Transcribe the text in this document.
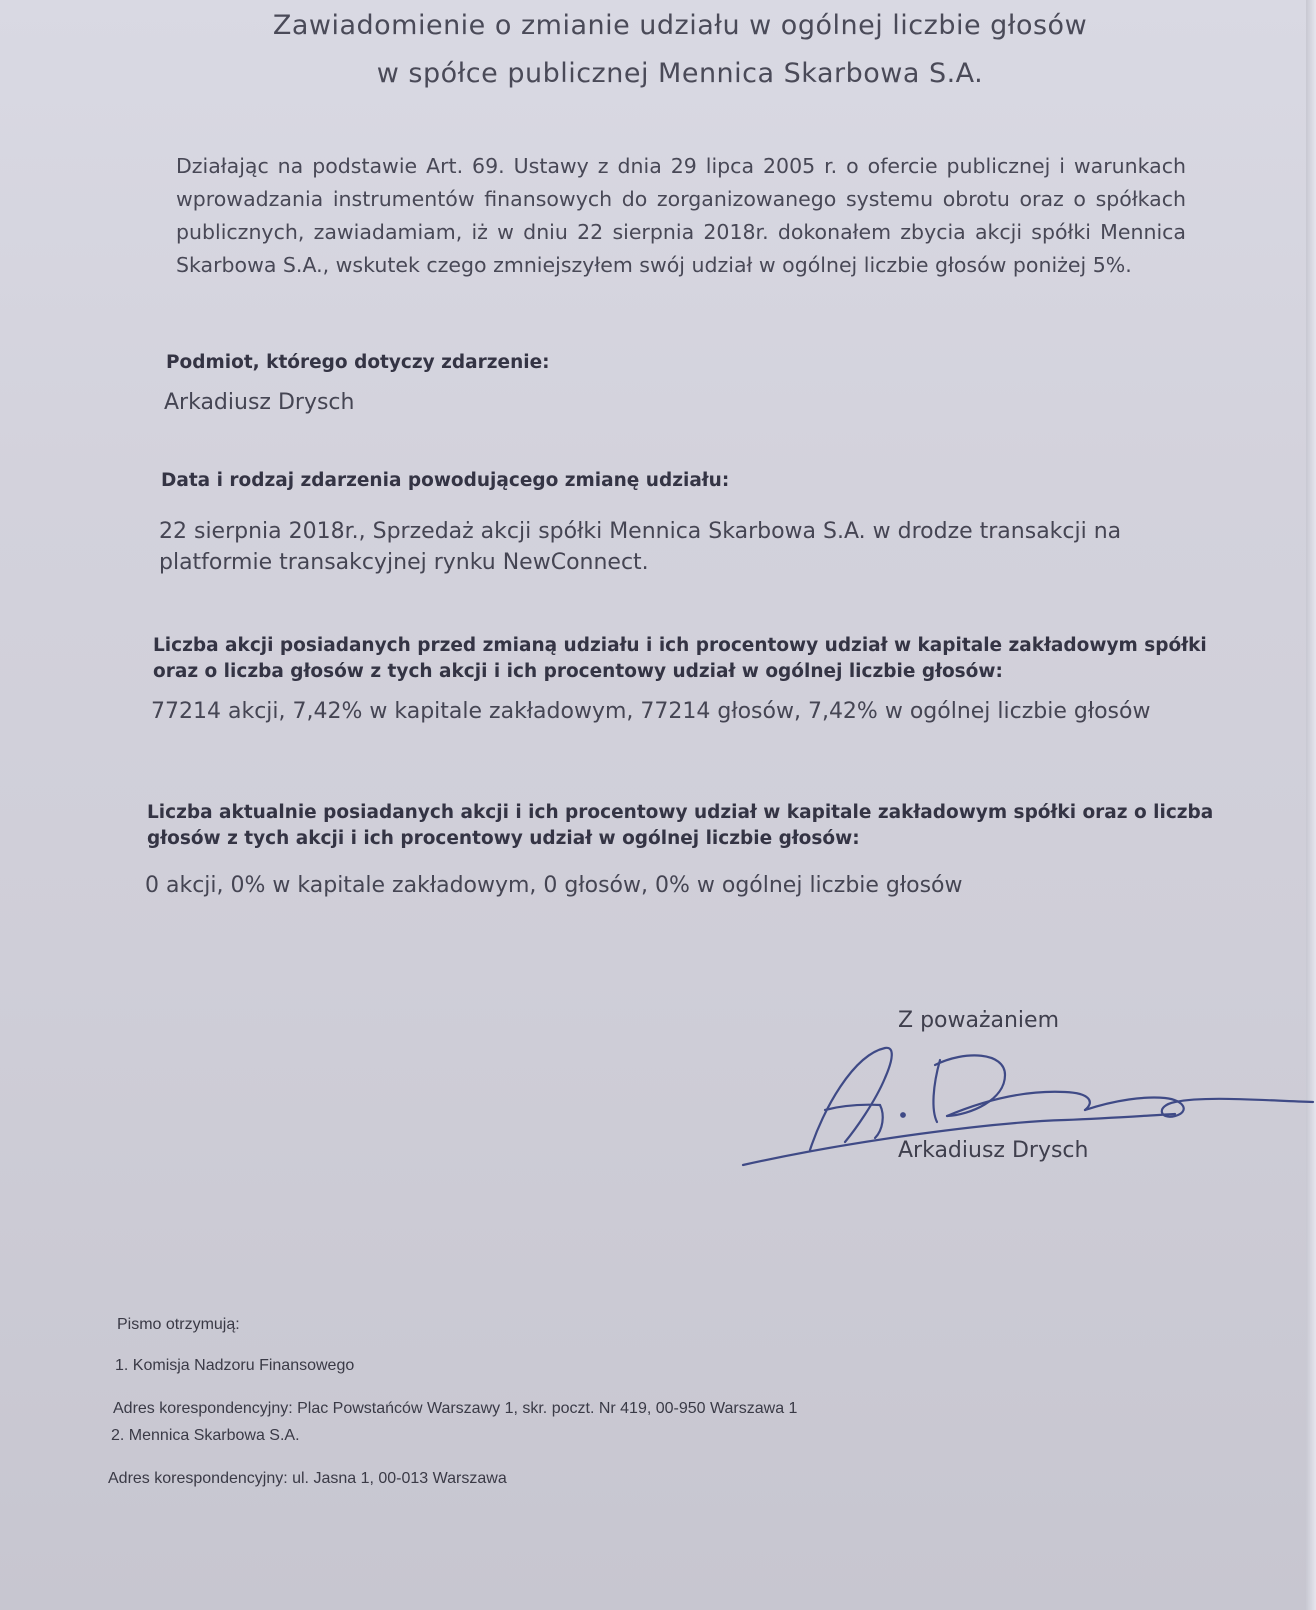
Zawiadomienie o zmianie udziału w ogólnej liczbie głosów
w spółce publicznej Mennica Skarbowa S.A.
Działając na podstawie Art. 69. Ustawy z dnia 29 lipca 2005 r. o ofercie publicznej i warunkach wprowadzania instrumentów finansowych do zorganizowanego systemu obrotu oraz o spółkach publicznych, zawiadamiam, iż w dniu 22 sierpnia 2018r. dokonałem zbycia akcji spółki Mennica Skarbowa S.A., wskutek czego zmniejszyłem swój udział w ogólnej liczbie głosów poniżej 5%.
Podmiot, którego dotyczy zdarzenie:
Arkadiusz Drysch
Data i rodzaj zdarzenia powodującego zmianę udziału:
22 sierpnia 2018r., Sprzedaż akcji spółki Mennica Skarbowa S.A. w drodze transakcji na platformie transakcyjnej rynku NewConnect.
Liczba akcji posiadanych przed zmianą udziału i ich procentowy udział w kapitale zakładowym spółki oraz o liczba głosów z tych akcji i ich procentowy udział w ogólnej liczbie głosów:
77214 akcji, 7,42% w kapitale zakładowym, 77214 głosów, 7,42% w ogólnej liczbie głosów
Liczba aktualnie posiadanych akcji i ich procentowy udział w kapitale zakładowym spółki oraz o liczba głosów z tych akcji i ich procentowy udział w ogólnej liczbie głosów:
0 akcji, 0% w kapitale zakładowym, 0 głosów, 0% w ogólnej liczbie głosów
Z poważaniem
Arkadiusz Drysch
Pismo otrzymują:
1. Komisja Nadzoru Finansowego
Adres korespondencyjny: Plac Powstańców Warszawy 1, skr. poczt. Nr 419, 00-950 Warszawa 1
2. Mennica Skarbowa S.A.
Adres korespondencyjny: ul. Jasna 1, 00-013 Warszawa
